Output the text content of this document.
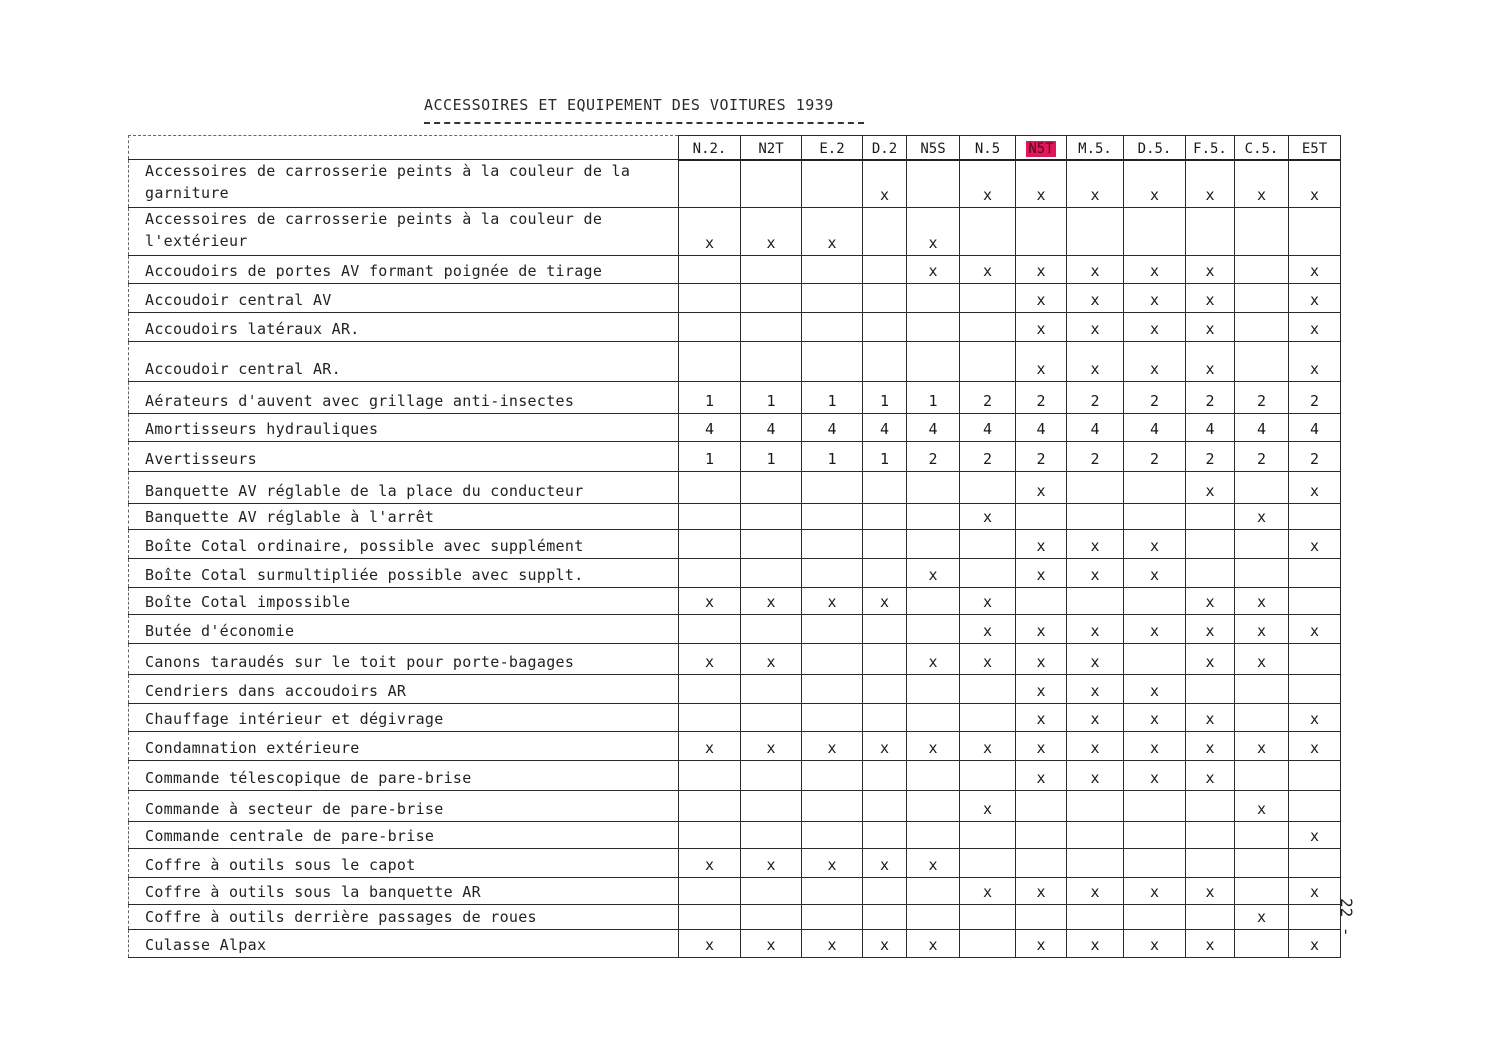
ACCESSOIRES ET EQUIPEMENT DES VOITURES 1939
	N.2.	N2T	E.2	D.2	N5S	N.5	N5T	M.5.	D.5.	F.5.	C.5.	E5T
Accessoires de carrosserie peints à la couleur de la garniture				x		x	x	x	x	x	x	x
Accessoires de carrosserie peints à la couleur de l'extérieur	x	x	x		x							
Accoudoirs de portes AV formant poignée de tirage					x	x	x	x	x	x		x
Accoudoir central AV							x	x	x	x		x
Accoudoirs latéraux AR.							x	x	x	x		x
Accoudoir central AR.							x	x	x	x		x
Aérateurs d'auvent avec grillage anti-insectes	1	1	1	1	1	2	2	2	2	2	2	2
Amortisseurs hydrauliques	4	4	4	4	4	4	4	4	4	4	4	4
Avertisseurs	1	1	1	1	2	2	2	2	2	2	2	2
Banquette AV réglable de la place du conducteur							x			x		x
Banquette AV réglable à l'arrêt						x					x	
Boîte Cotal ordinaire, possible avec supplément							x	x	x			x
Boîte Cotal surmultipliée possible avec supplt.					x		x	x	x			
Boîte Cotal impossible	x	x	x	x		x				x	x	
Butée d'économie						x	x	x	x	x	x	x
Canons taraudés sur le toit pour porte-bagages	x	x			x	x	x	x		x	x	
Cendriers dans accoudoirs AR							x	x	x			
Chauffage intérieur et dégivrage							x	x	x	x		x
Condamnation extérieure	x	x	x	x	x	x	x	x	x	x	x	x
Commande télescopique de pare-brise							x	x	x	x		
Commande à secteur de pare-brise						x					x	
Commande centrale de pare-brise												x
Coffre à outils sous le capot	x	x	x	x	x							
Coffre à outils sous la banquette AR						x	x	x	x	x		x
Coffre à outils derrière passages de roues											x	
Culasse Alpax	x	x	x	x	x		x	x	x	x		x
22 -
